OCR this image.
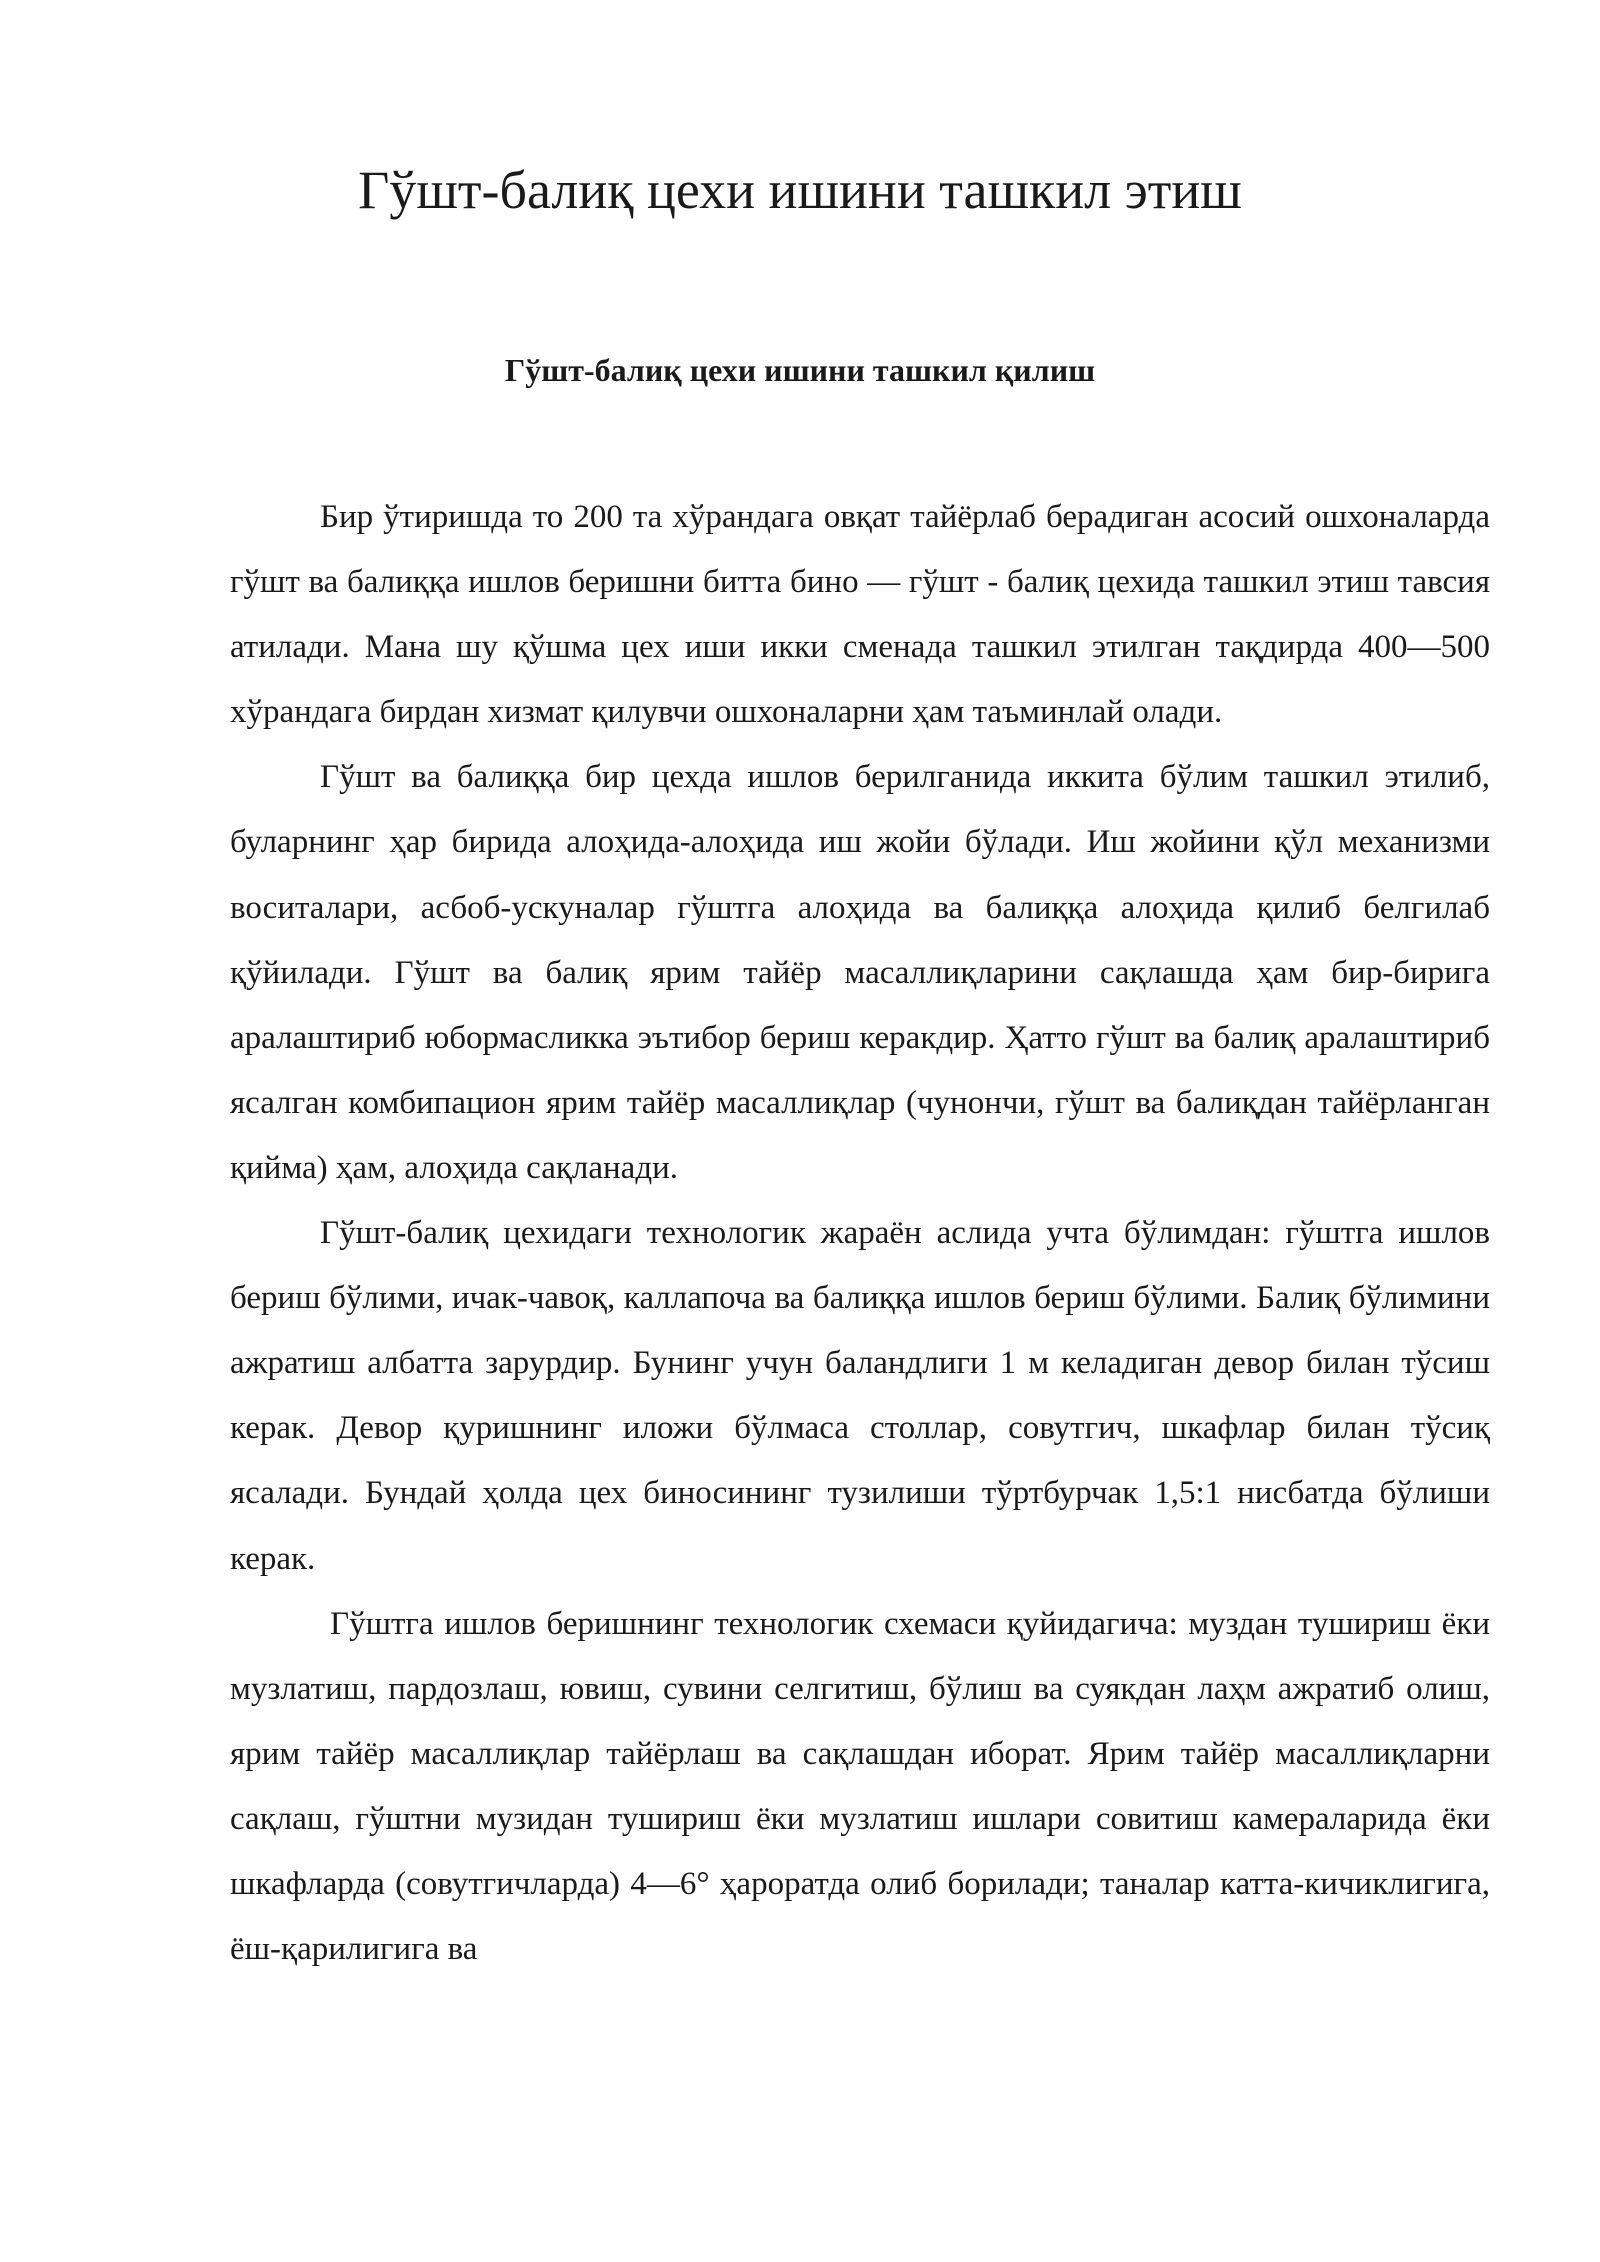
Гўшт-балиқ цехи ишини ташкил этиш
Гўшт-балиқ цехи ишини ташкил қилиш

Бир ўтиришда то 200 та хўрандага овқат тайёрлаб берадиган асосий ошхоналарда гўшт ва балиққа ишлов беришни битта бино — гўшт - балиқ цехида ташкил этиш тавсия атилади. Мана шу қўшма цех иши икки сменада ташкил этилган тақдирда 400—500 хўрандага бирдан хизмат қилувчи ошхоналарни ҳам таъминлай олади.

Гўшт ва балиққа бир цехда ишлов берилганида иккита бўлим ташкил этилиб, буларнинг ҳар бирида алоҳида-алоҳида иш жойи бўлади. Иш жойини қўл механизми воситалари, асбоб-ускуналар гўштга алоҳида ва балиққа алоҳида қилиб белгилаб қўйилади. Гўшт ва балиқ ярим тайёр масаллиқларини сақлашда ҳам бир-бирига аралаштириб юбормасликка эътибор бериш керакдир. Ҳатто гўшт ва балиқ аралаштириб ясалган комбипацион ярим тайёр масаллиқлар (чунончи, гўшт ва балиқдан тайёрланган қийма) ҳам, алоҳида сақланади.

Гўшт-балиқ цехидаги технологик жараён аслида учта бўлимдан: гўштга ишлов бериш бўлими, ичак-чавоқ, каллапоча ва балиққа ишлов бериш бўлими. Балиқ бўлимини ажратиш албатта зарурдир. Бунинг учун баландлиги 1 м келадиган девор билан тўсиш керак. Девор қуришнинг иложи бўлмаса столлар, совутгич, шкафлар билан тўсиқ ясалади. Бундай ҳолда цех биносининг тузилиши тўртбурчак 1,5:1 нисбатда бўлиши керак.

Гўштга ишлов беришнинг технологик схемаси қуйидагича: муздан тушириш ёки музлатиш, пардозлаш, ювиш, сувини селгитиш, бўлиш ва суякдан лаҳм ажратиб олиш, ярим тайёр масаллиқлар тайёрлаш ва сақлашдан иборат. Ярим тайёр масаллиқларни сақлаш, гўштни музидан тушириш ёки музлатиш ишлари совитиш камераларида ёки шкафларда (совутгичларда) 4—6° ҳароратда олиб борилади; таналар катта-кичиклигига, ёш-қарилигига ва
